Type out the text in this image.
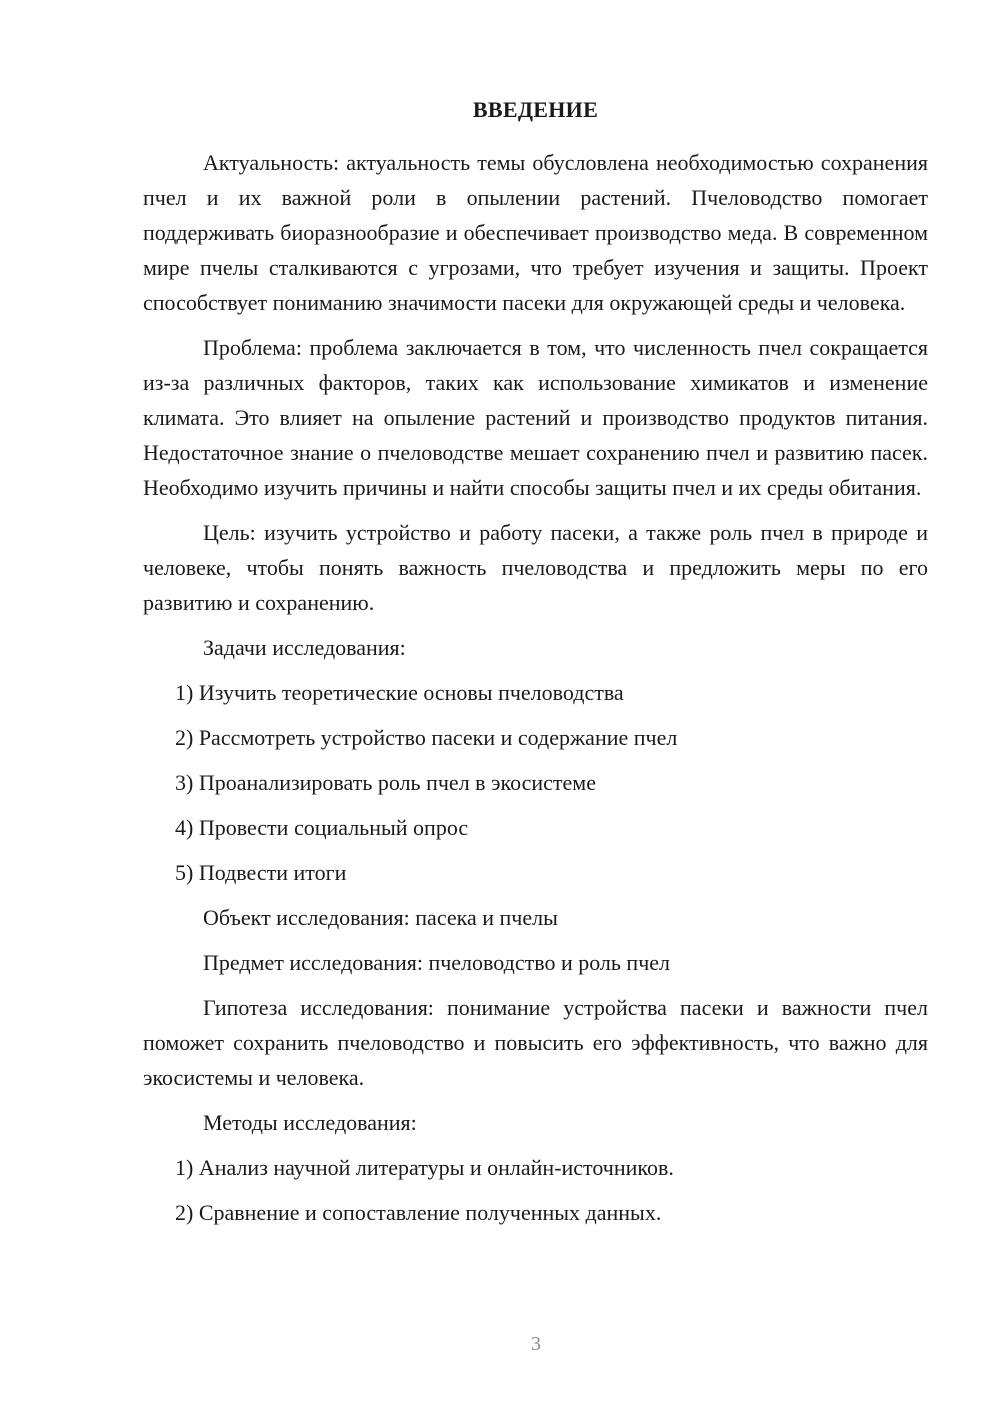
ВВЕДЕНИЕ

Актуальность: актуальность темы обусловлена необходимостью сохранения пчел и их важной роли в опылении растений. Пчеловодство помогает поддерживать биоразнообразие и обеспечивает производство меда. В современном мире пчелы сталкиваются с угрозами, что требует изучения и защиты. Проект способствует пониманию значимости пасеки для окружающей среды и человека.

Проблема: проблема заключается в том, что численность пчел сокращается из-за различных факторов, таких как использование химикатов и изменение климата. Это влияет на опыление растений и производство продуктов питания. Недостаточное знание о пчеловодстве мешает сохранению пчел и развитию пасек. Необходимо изучить причины и найти способы защиты пчел и их среды обитания.

Цель: изучить устройство и работу пасеки, а также роль пчел в природе и человеке, чтобы понять важность пчеловодства и предложить меры по его развитию и сохранению.

Задачи исследования:

1) Изучить теоретические основы пчеловодства

2) Рассмотреть устройство пасеки и содержание пчел

3) Проанализировать роль пчел в экосистеме

4) Провести социальный опрос

5) Подвести итоги

Объект исследования: пасека и пчелы

Предмет исследования: пчеловодство и роль пчел

Гипотеза исследования: понимание устройства пасеки и важности пчел поможет сохранить пчеловодство и повысить его эффективность, что важно для экосистемы и человека.

Методы исследования:

1) Анализ научной литературы и онлайн-источников.

2) Сравнение и сопоставление полученных данных.

3
